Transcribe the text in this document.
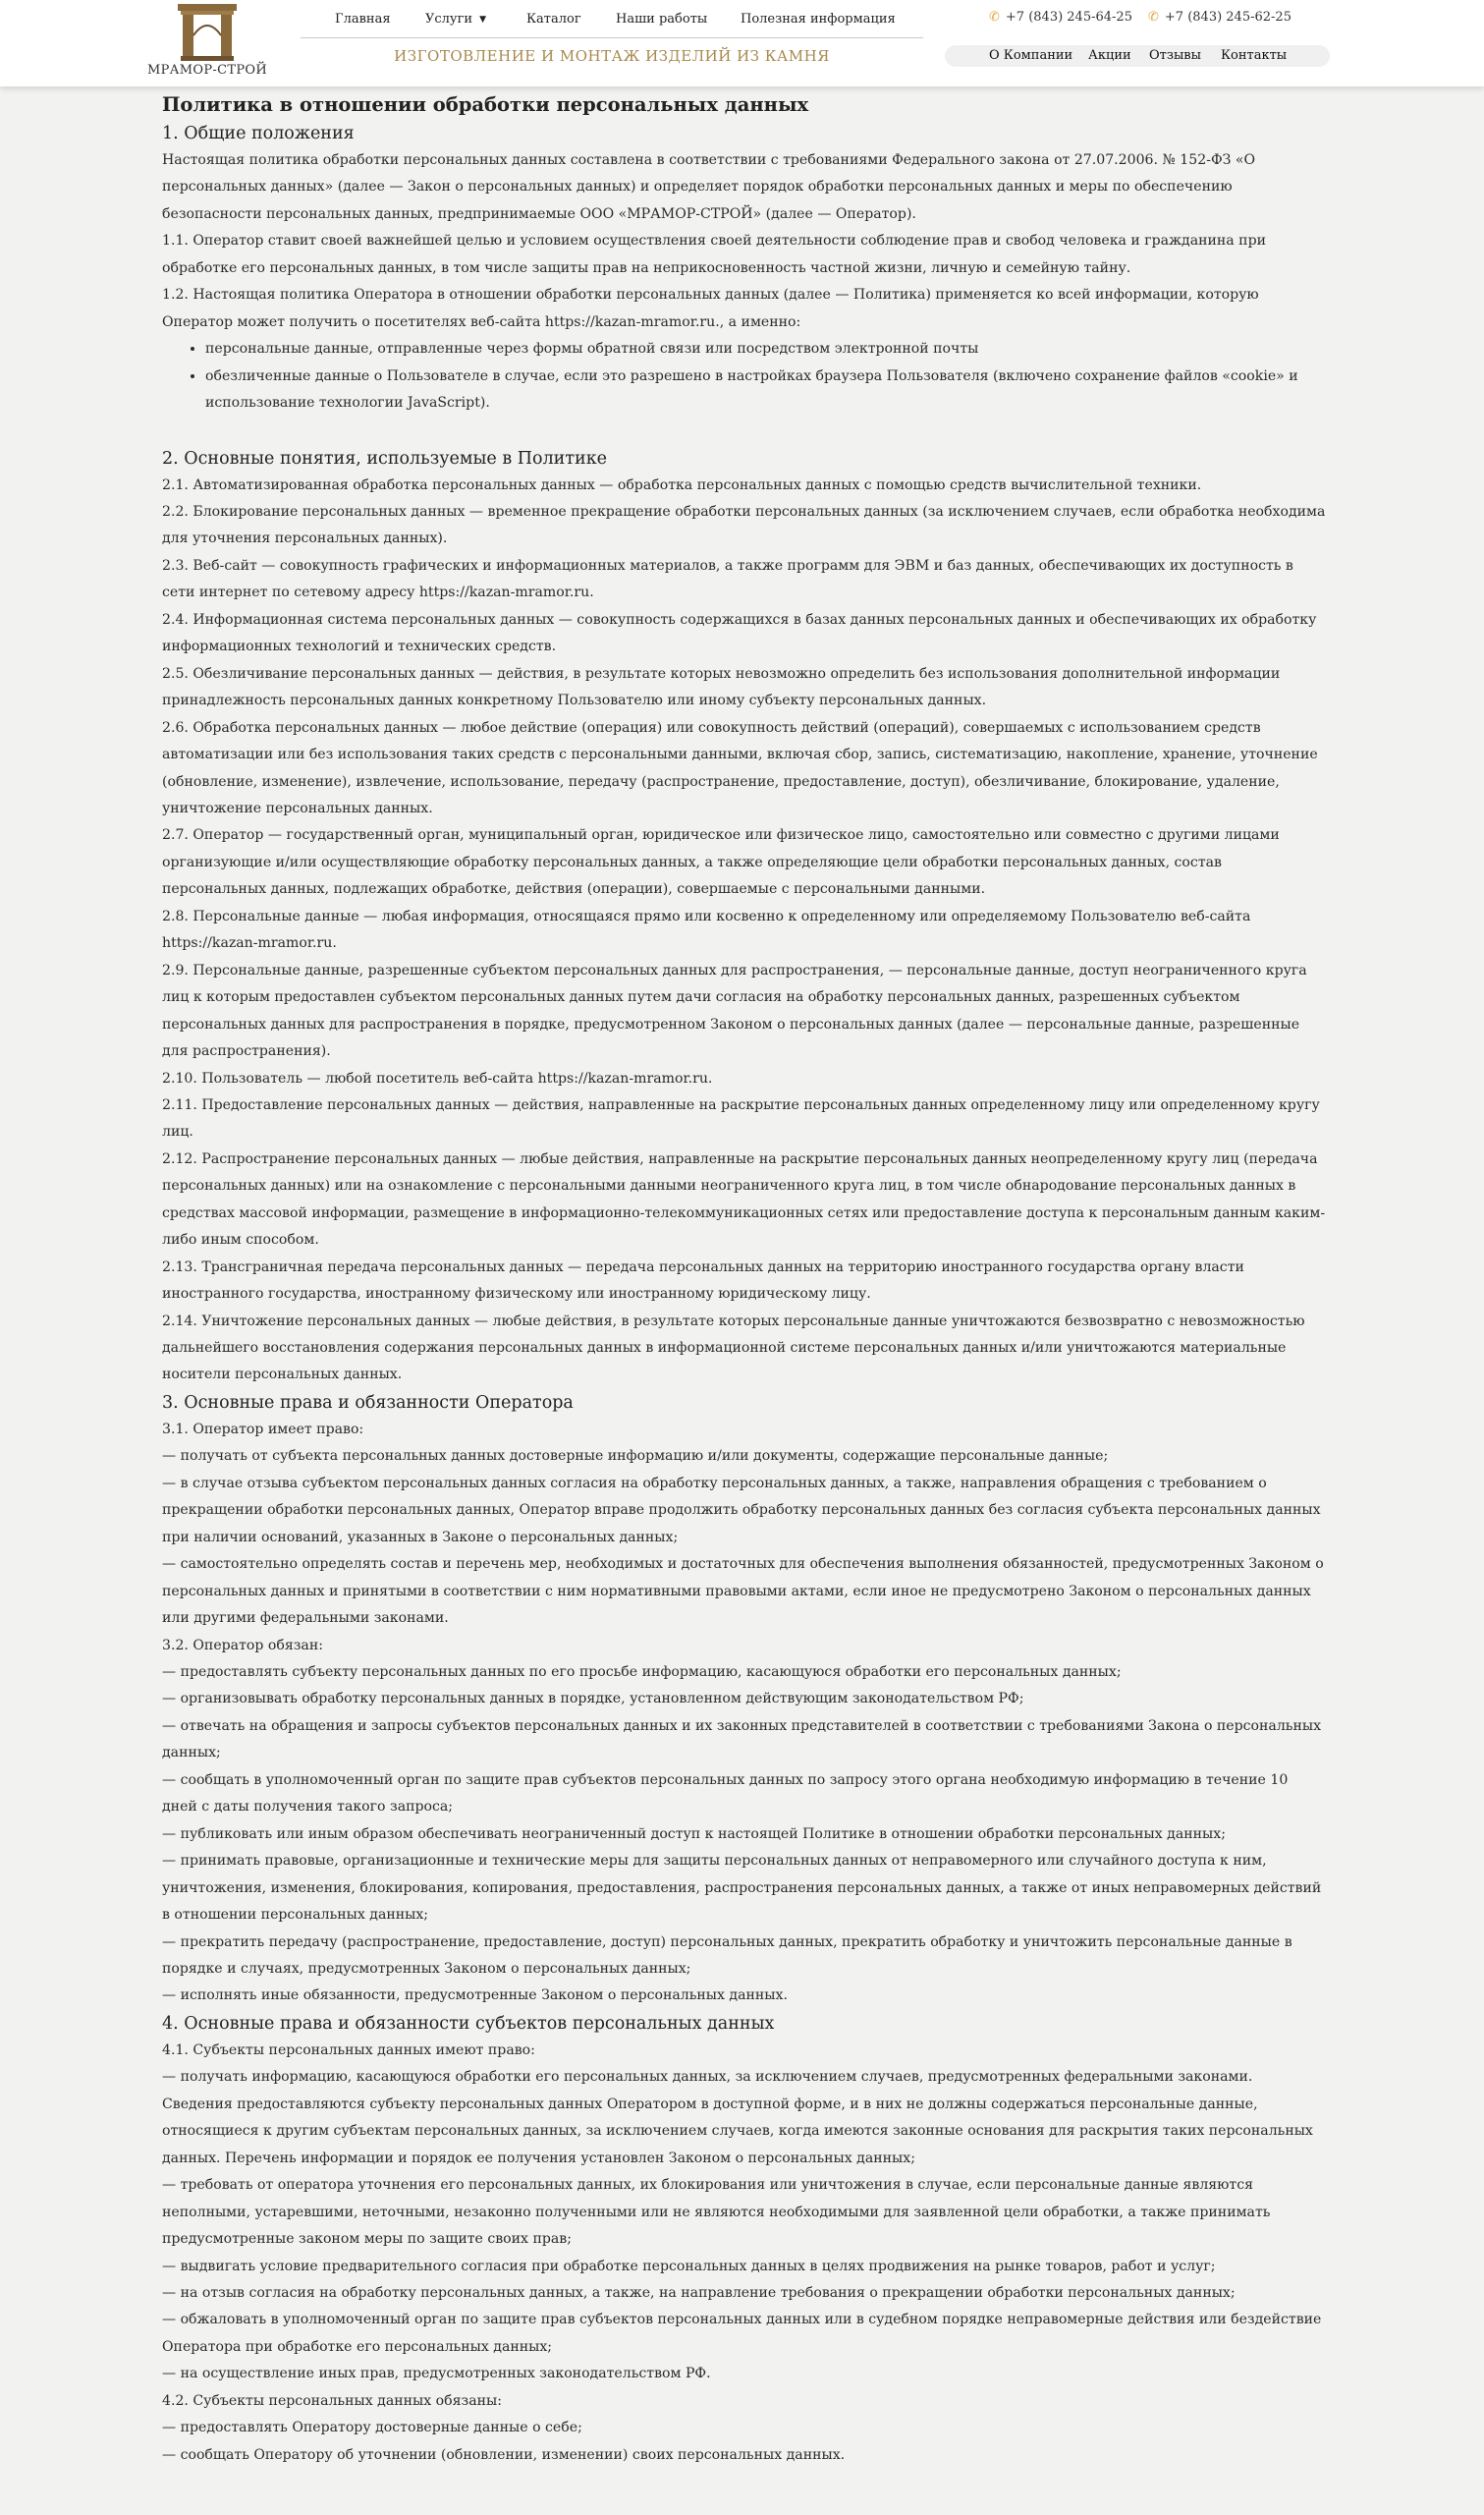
МРАМОР-СТРОЙ
Главная	Услуги ▼	Каталог	Наши работы	Полезная информация
ИЗГОТОВЛЕНИЕ И МОНТАЖ ИЗДЕЛИЙ ИЗ КАМНЯ
✆ +7 (843) 245-64-25 ✆ +7 (843) 245-62-25
О Компании Акции Отзывы Контакты
Политика в отношении обработки персональных данных
1. Общие положения

Настоящая политика обработки персональных данных составлена в соответствии с требованиями Федерального закона от 27.07.2006. № 152-ФЗ «О персональных данных» (далее — Закон о персональных данных) и определяет порядок обработки персональных данных и меры по обеспечению безопасности персональных данных, предпринимаемые ООО «МРАМОР-СТРОЙ» (далее — Оператор).

1.1. Оператор ставит своей важнейшей целью и условием осуществления своей деятельности соблюдение прав и свобод человека и гражданина при обработке его персональных данных, в том числе защиты прав на неприкосновенность частной жизни, личную и семейную тайну.

1.2. Настоящая политика Оператора в отношении обработки персональных данных (далее — Политика) применяется ко всей информации, которую Оператор может получить о посетителях веб-сайта https://kazan-mramor.ru., а именно:

• персональные данные, отправленные через формы обратной связи или посредством электронной почты
• обезличенные данные о Пользователе в случае, если это разрешено в настройках браузера Пользователя (включено сохранение файлов «cookie» и использование технологии JavaScript).
2. Основные понятия, используемые в Политике

2.1. Автоматизированная обработка персональных данных — обработка персональных данных с помощью средств вычислительной техники.

2.2. Блокирование персональных данных — временное прекращение обработки персональных данных (за исключением случаев, если обработка необходима для уточнения персональных данных).

2.3. Веб-сайт — совокупность графических и информационных материалов, а также программ для ЭВМ и баз данных, обеспечивающих их доступность в сети интернет по сетевому адресу https://kazan-mramor.ru.

2.4. Информационная система персональных данных — совокупность содержащихся в базах данных персональных данных и обеспечивающих их обработку информационных технологий и технических средств.

2.5. Обезличивание персональных данных — действия, в результате которых невозможно определить без использования дополнительной информации принадлежность персональных данных конкретному Пользователю или иному субъекту персональных данных.

2.6. Обработка персональных данных — любое действие (операция) или совокупность действий (операций), совершаемых с использованием средств автоматизации или без использования таких средств с персональными данными, включая сбор, запись, систематизацию, накопление, хранение, уточнение (обновление, изменение), извлечение, использование, передачу (распространение, предоставление, доступ), обезличивание, блокирование, удаление, уничтожение персональных данных.

2.7. Оператор — государственный орган, муниципальный орган, юридическое или физическое лицо, самостоятельно или совместно с другими лицами организующие и/или осуществляющие обработку персональных данных, а также определяющие цели обработки персональных данных, состав персональных данных, подлежащих обработке, действия (операции), совершаемые с персональными данными.

2.8. Персональные данные — любая информация, относящаяся прямо или косвенно к определенному или определяемому Пользователю веб-сайта https://kazan-mramor.ru.

2.9. Персональные данные, разрешенные субъектом персональных данных для распространения, — персональные данные, доступ неограниченного круга лиц к которым предоставлен субъектом персональных данных путем дачи согласия на обработку персональных данных, разрешенных субъектом персональных данных для распространения в порядке, предусмотренном Законом о персональных данных (далее — персональные данные, разрешенные для распространения).

2.10. Пользователь — любой посетитель веб-сайта https://kazan-mramor.ru.

2.11. Предоставление персональных данных — действия, направленные на раскрытие персональных данных определенному лицу или определенному кругу лиц.

2.12. Распространение персональных данных — любые действия, направленные на раскрытие персональных данных неопределенному кругу лиц (передача персональных данных) или на ознакомление с персональными данными неограниченного круга лиц, в том числе обнародование персональных данных в средствах массовой информации, размещение в информационно-телекоммуникационных сетях или предоставление доступа к персональным данным каким-либо иным способом.

2.13. Трансграничная передача персональных данных — передача персональных данных на территорию иностранного государства органу власти иностранного государства, иностранному физическому или иностранному юридическому лицу.

2.14. Уничтожение персональных данных — любые действия, в результате которых персональные данные уничтожаются безвозвратно с невозможностью дальнейшего восстановления содержания персональных данных в информационной системе персональных данных и/или уничтожаются материальные носители персональных данных.

3. Основные права и обязанности Оператора

3.1. Оператор имеет право:

— получать от субъекта персональных данных достоверные информацию и/или документы, содержащие персональные данные;

— в случае отзыва субъектом персональных данных согласия на обработку персональных данных, а также, направления обращения с требованием о прекращении обработки персональных данных, Оператор вправе продолжить обработку персональных данных без согласия субъекта персональных данных при наличии оснований, указанных в Законе о персональных данных;

— самостоятельно определять состав и перечень мер, необходимых и достаточных для обеспечения выполнения обязанностей, предусмотренных Законом о персональных данных и принятыми в соответствии с ним нормативными правовыми актами, если иное не предусмотрено Законом о персональных данных или другими федеральными законами.

3.2. Оператор обязан:

— предоставлять субъекту персональных данных по его просьбе информацию, касающуюся обработки его персональных данных;

— организовывать обработку персональных данных в порядке, установленном действующим законодательством РФ;

— отвечать на обращения и запросы субъектов персональных данных и их законных представителей в соответствии с требованиями Закона о персональных данных;

— сообщать в уполномоченный орган по защите прав субъектов персональных данных по запросу этого органа необходимую информацию в течение 10 дней с даты получения такого запроса;

— публиковать или иным образом обеспечивать неограниченный доступ к настоящей Политике в отношении обработки персональных данных;

— принимать правовые, организационные и технические меры для защиты персональных данных от неправомерного или случайного доступа к ним, уничтожения, изменения, блокирования, копирования, предоставления, распространения персональных данных, а также от иных неправомерных действий в отношении персональных данных;

— прекратить передачу (распространение, предоставление, доступ) персональных данных, прекратить обработку и уничтожить персональные данные в порядке и случаях, предусмотренных Законом о персональных данных;

— исполнять иные обязанности, предусмотренные Законом о персональных данных.

4. Основные права и обязанности субъектов персональных данных

4.1. Субъекты персональных данных имеют право:

— получать информацию, касающуюся обработки его персональных данных, за исключением случаев, предусмотренных федеральными законами. Сведения предоставляются субъекту персональных данных Оператором в доступной форме, и в них не должны содержаться персональные данные, относящиеся к другим субъектам персональных данных, за исключением случаев, когда имеются законные основания для раскрытия таких персональных данных. Перечень информации и порядок ее получения установлен Законом о персональных данных;

— требовать от оператора уточнения его персональных данных, их блокирования или уничтожения в случае, если персональные данные являются неполными, устаревшими, неточными, незаконно полученными или не являются необходимыми для заявленной цели обработки, а также принимать предусмотренные законом меры по защите своих прав;

— выдвигать условие предварительного согласия при обработке персональных данных в целях продвижения на рынке товаров, работ и услуг;

— на отзыв согласия на обработку персональных данных, а также, на направление требования о прекращении обработки персональных данных;

— обжаловать в уполномоченный орган по защите прав субъектов персональных данных или в судебном порядке неправомерные действия или бездействие Оператора при обработке его персональных данных;

— на осуществление иных прав, предусмотренных законодательством РФ.

4.2. Субъекты персональных данных обязаны:

— предоставлять Оператору достоверные данные о себе;

— сообщать Оператору об уточнении (обновлении, изменении) своих персональных данных.
